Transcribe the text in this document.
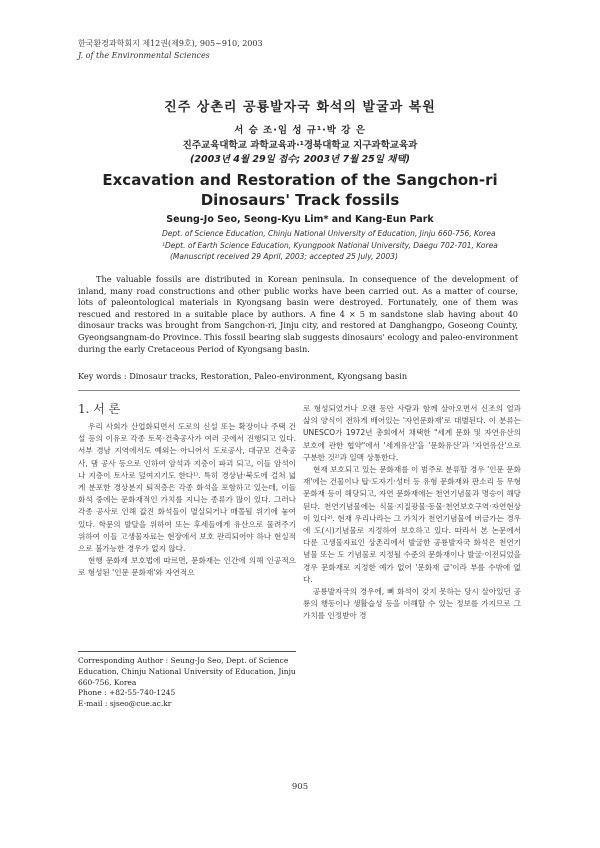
한국환경과학회지 제12권(제9호), 905∼910, 2003
J. of the Environmental Sciences
진주 상촌리 공룡발자국 화석의 발굴과 복원
서 승 조·임 성 규¹·박 강 은
진주교육대학교 과학교육과·¹경북대학교 지구과학교육과
(2003년 4월 29일 접수; 2003년 7월 25일 채택)
Excavation and Restoration of the Sangchon-ri
Dinosaurs' Track fossils
Seung-Jo Seo, Seong-Kyu Lim* and Kang-Eun Park
Dept. of Science Education, Chinju National University of Education, Jinju 660-756, Korea
¹Dept. of Earth Science Education, Kyungpook National University, Daegu 702-701, Korea
(Manuscript received 29 April, 2003; accepted 25 July, 2003)
The valuable fossils are distributed in Korean peninsula. In consequence of the development of inland, many road constructions and other public works have been carried out. As a matter of course, lots of paleontological materials in Kyongsang basin were destroyed. Fortunately, one of them was rescued and restored in a suitable place by authors. A fine 4 × 5 m sandstone slab having about 40 dinosaur tracks was brought from Sangchon-ri, Jinju city, and restored at Danghangpo, Goseong County, Gyeongsangnam-do Province. This fossil bearing slab suggests dinosaurs' ecology and paleo-environment during the early Cretaceous Period of Kyongsang basin.
Key words : Dinosaur tracks, Restoration, Paleo-environment, Kyongsang basin
1. 서 론

우리 사회가 산업화되면서 도로의 신설 또는 확장이나 주택 건설 등의 이유로 각종 토목·건축공사가 여러 곳에서 진행되고 있다. 서부 경남 지역에서도 예외는 아니어서 도로공사, 대규모 건축공사, 댐 공사 등으로 인하여 암석과 지층이 파괴 되고, 이들 암석이나 지층이 토사로 덮여지기도 한다¹⁾. 특히 경상남·북도에 걸쳐 넓게 분포한 경상분지 퇴적층은 각종 화석을 포함하고 있는데, 이들 화석 중에는 문화재적인 가치를 지니는 종류가 많이 있다. 그러나 각종 공사로 인해 값진 화석들이 멸실되거나 매몰될 위기에 놓여 있다. 학문의 발달을 위하여 또는 후세들에게 유산으로 물려주기 위하여 이들 고생물자료는 현장에서 보호 관리되어야 하나 현실적으로 불가능한 경우가 없지 않다.

현행 문화재 보호법에 따르면, 문화재는 인간에 의해 인공적으로 형성된 '인문 문화재'와 자연적으

로 형성되었거나 오랜 동안 사람과 함께 살아오면서 신조의 얼과 삶의 양식이 전하게 배어있는 '자연문화재'로 대별된다. 이 분류는 UNESCO가 1972년 총회에서 채택한 "세계 문화 및 자연유산의 보호에 관한 협약"에서 '세계유산'을 '문화유산'과 '자연유산'으로 구분한 것²⁾과 일맥 상통한다.

현재 보호되고 있는 문화재를 이 범주로 분류할 경우 '인문 문화재'에는 건물이나 탑·도자기·성터 등 유형 문화재와 판소리 등 무형 문화재 등이 해당되고, 자연 문화재에는 천연기념물과 명승이 해당된다. 천연기념물에는 식물·지질광물·동물·천연보호구역·자연현상이 있다²⁾. 현재 우리나라는 그 가치가 천연기념물에 버금가는 경우에 도(시)기념물로 지정하여 보호하고 있다. 따라서 본 논문에서 다룬 고생물자료인 상촌리에서 발굴한 공룡발자국 화석은 천연기념물 또는 도 기념물로 지정될 수준의 문화재이나 발굴·이전되었을 경우 문화재로 지정한 예가 없어 '문화재 급'이라 부를 수밖에 없다.

공룡발자국의 경우에, 뼈 화석이 갖지 못하는 당시 살아있던 공룡의 행동이나 생활습성 등을 이해할 수 있는 정보를 가지므로 그 가치를 인정받아 경

Corresponding Author : Seung-Jo Seo, Dept. of Science
Education, Chinju National University of Education, Jinju
660-756, Korea
Phone : +82-55-740-1245
E-mail : sjseo@cue.ac.kr
905
